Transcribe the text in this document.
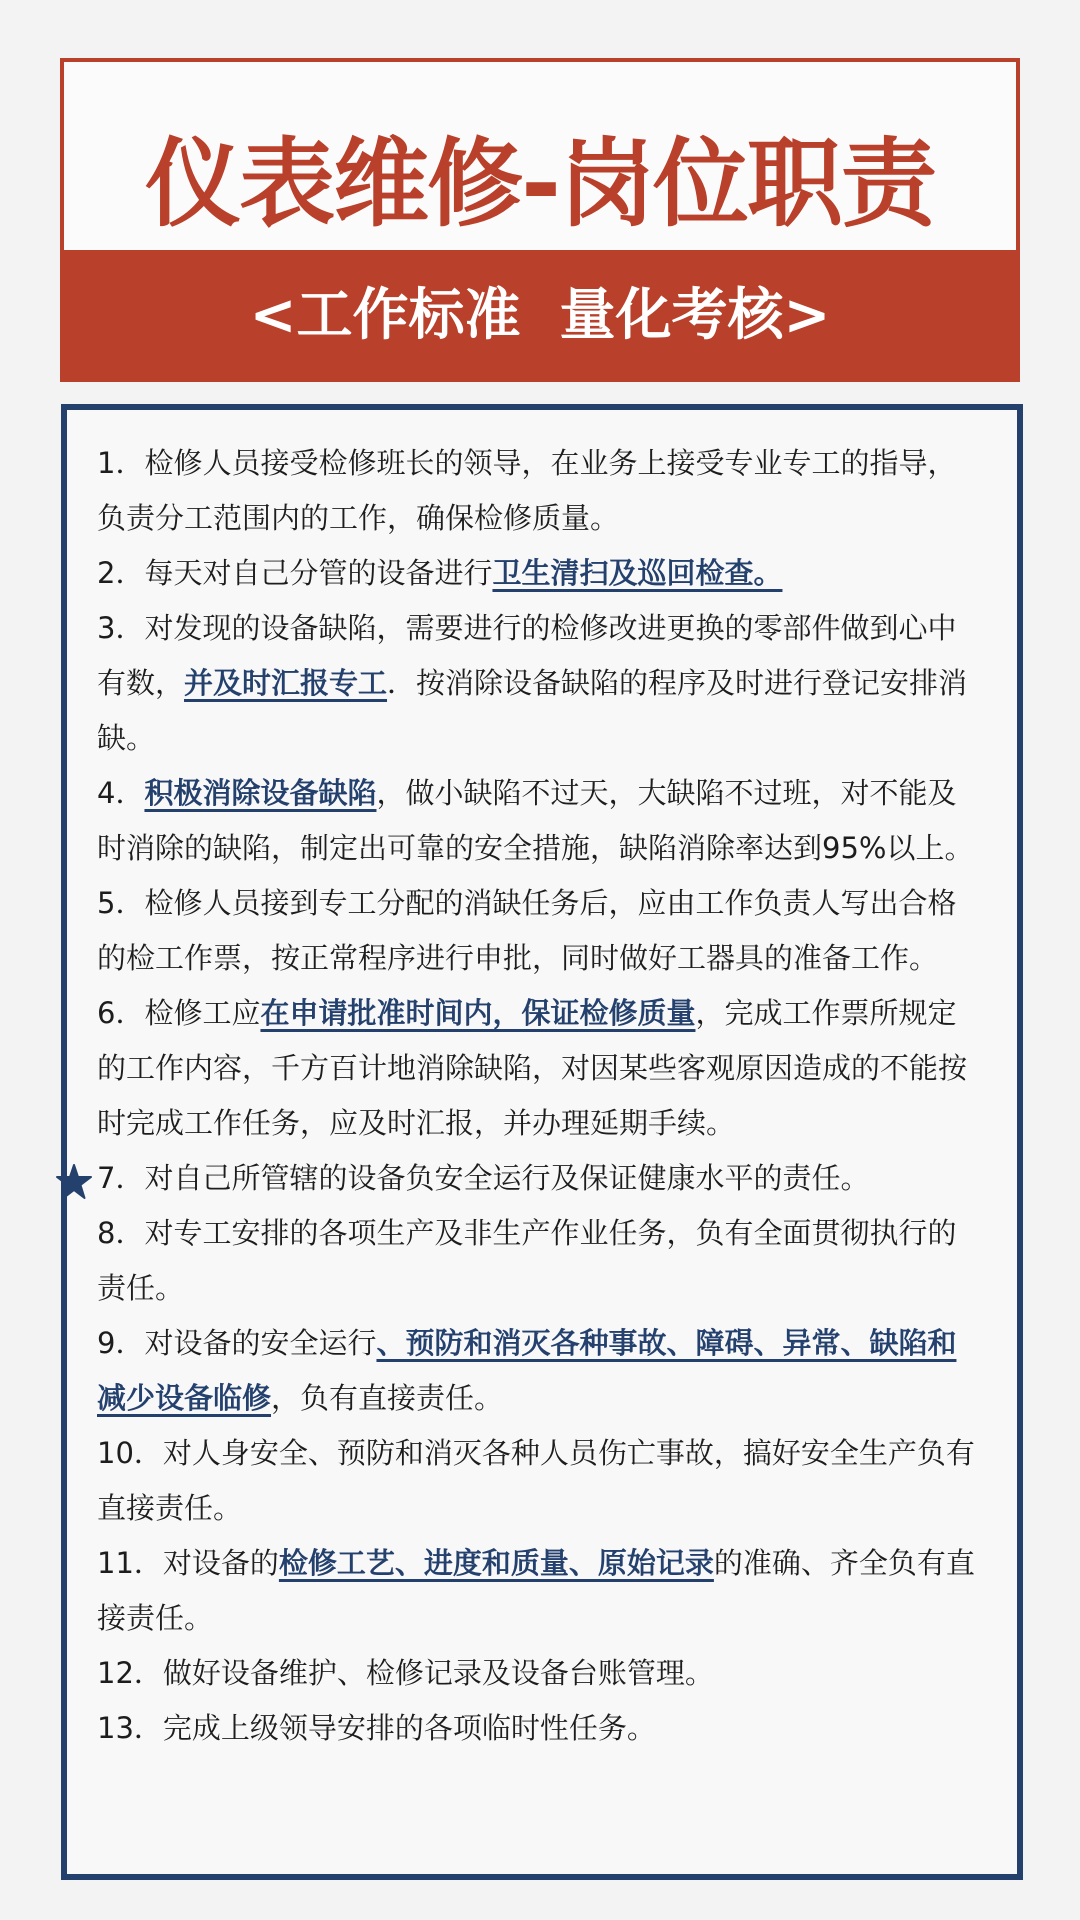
仪表维修-岗位职责
<工作标准  量化考核>

1．检修人员接受检修班长的领导，在业务上接受专业专工的指导，负责分工范围内的工作，确保检修质量。

2．每天对自己分管的设备进行卫生清扫及巡回检查。

3．对发现的设备缺陷，需要进行的检修改进更换的零部件做到心中有数，并及时汇报专工．按消除设备缺陷的程序及时进行登记安排消缺。

4．积极消除设备缺陷，做小缺陷不过天，大缺陷不过班，对不能及时消除的缺陷，制定出可靠的安全措施，缺陷消除率达到95%以上。

5．检修人员接到专工分配的消缺任务后，应由工作负责人写出合格的检工作票，按正常程序进行申批，同时做好工器具的准备工作。

6．检修工应在申请批准时间内，保证检修质量，完成工作票所规定的工作内容，千方百计地消除缺陷，对因某些客观原因造成的不能按时完成工作任务，应及时汇报，并办理延期手续。

7．对自己所管辖的设备负安全运行及保证健康水平的责任。

8．对专工安排的各项生产及非生产作业任务，负有全面贯彻执行的责任。

9．对设备的安全运行、预防和消灭各种事故、障碍、异常、缺陷和减少设备临修，负有直接责任。

10．对人身安全、预防和消灭各种人员伤亡事故，搞好安全生产负有直接责任。

11．对设备的检修工艺、进度和质量、原始记录的准确、齐全负有直接责任。

12．做好设备维护、检修记录及设备台账管理。

13．完成上级领导安排的各项临时性任务。
